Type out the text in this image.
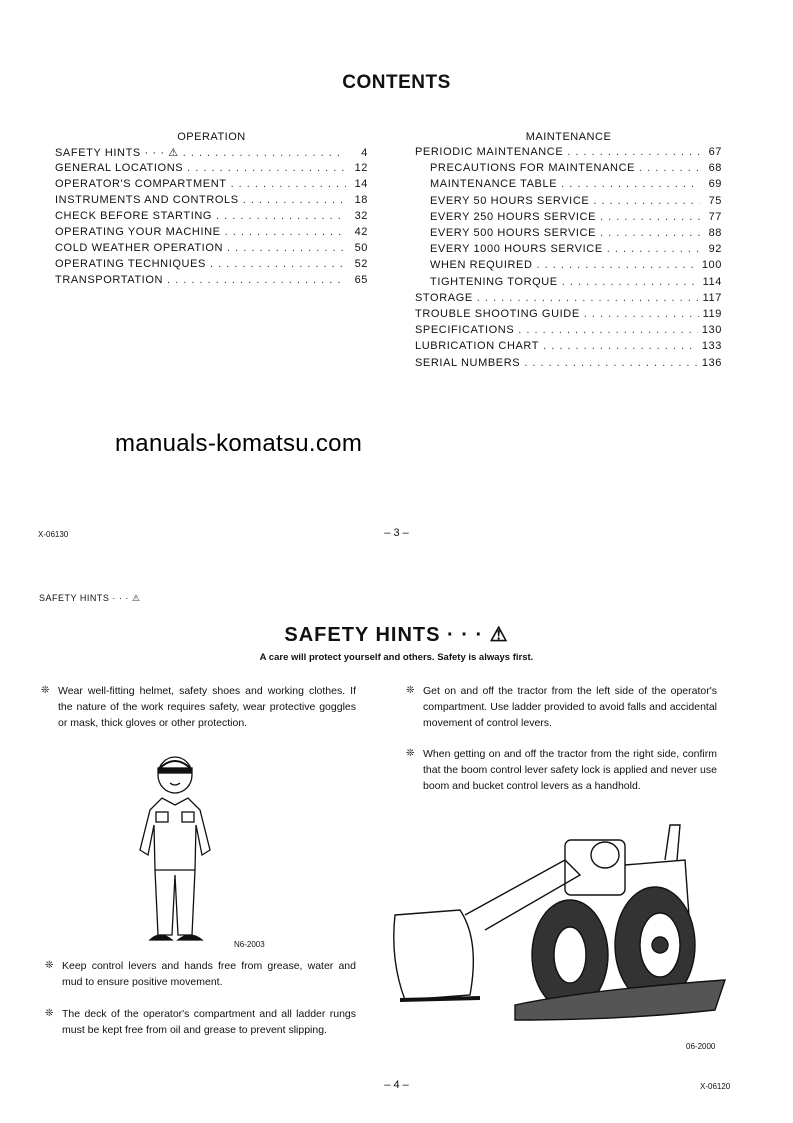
CONTENTS
OPERATION
SAFETY HINTS · · · ⚠ . . .	4
GENERAL LOCATIONS . . .	12
OPERATOR'S COMPARTMENT . . .	14
INSTRUMENTS AND CONTROLS . . .	18
CHECK BEFORE STARTING . . .	32
OPERATING YOUR MACHINE . . .	42
COLD WEATHER OPERATION . . .	50
OPERATING TECHNIQUES . . .	52
TRANSPORTATION . . .	65
MAINTENANCE
PERIODIC MAINTENANCE . . .	67
PRECAUTIONS FOR MAINTENANCE . . .	68
MAINTENANCE TABLE . . .	69
EVERY 50 HOURS SERVICE . . .	75
EVERY 250 HOURS SERVICE . . .	77
EVERY 500 HOURS SERVICE . . .	88
EVERY 1000 HOURS SERVICE . . .	92
WHEN REQUIRED . . .	100
TIGHTENING TORQUE . . .	114
STORAGE . . .	117
TROUBLE SHOOTING GUIDE . . .	119
SPECIFICATIONS . . .	130
LUBRICATION CHART . . .	133
SERIAL NUMBERS . . .	136
manuals-komatsu.com
X-06130	– 3 –
SAFETY HINTS · · · ⚠
SAFETY HINTS · · · ⚠
A care will protect yourself and others. Safety is always first.
❊ Wear well-fitting helmet, safety shoes and working clothes. If the nature of the work requires safety, wear protective goggles or mask, thick gloves or other protection.
N6-2003
❊ Keep control levers and hands free from grease, water and mud to ensure positive movement.
❊ The deck of the operator's compartment and all ladder rungs must be kept free from oil and grease to prevent slipping.
❊ Get on and off the tractor from the left side of the operator's compartment. Use ladder provided to avoid falls and accidental movement of control levers.
❊ When getting on and off the tractor from the right side, confirm that the boom control lever safety lock is applied and never use boom and bucket control levers as a handhold.
06-2000
– 4 –	X-06120
